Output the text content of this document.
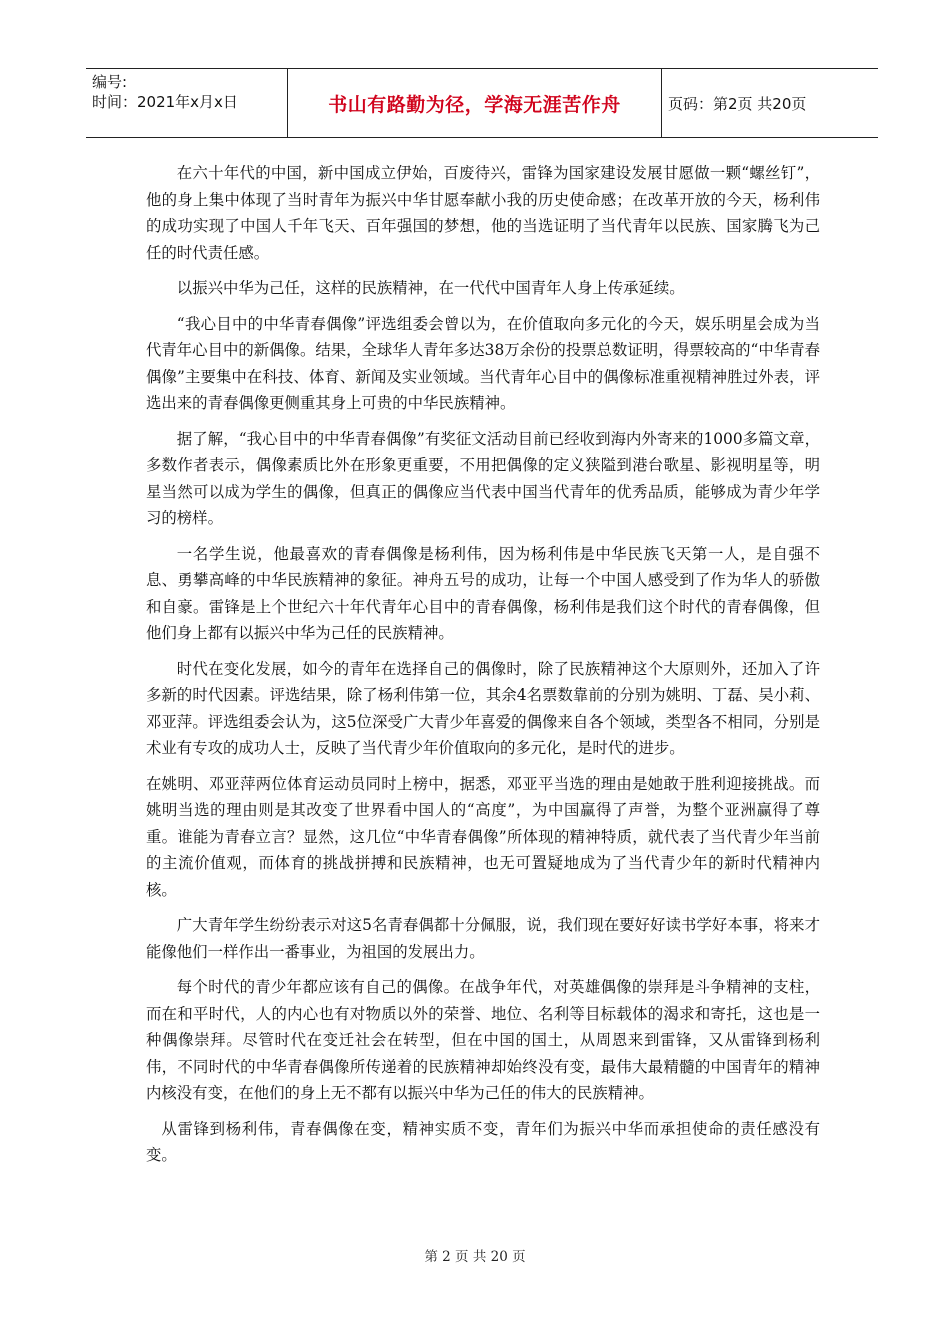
编号:
时间：2021年x月x日	书山有路勤为径，学海无涯苦作舟	页码：第2页 共20页

在六十年代的中国，新中国成立伊始，百废待兴，雷锋为国家建设发展甘愿做一颗“螺丝钉”，他的身上集中体现了当时青年为振兴中华甘愿奉献小我的历史使命感；在改革开放的今天，杨利伟的成功实现了中国人千年飞天、百年强国的梦想，他的当选证明了当代青年以民族、国家腾飞为己任的时代责任感。

以振兴中华为己任，这样的民族精神，在一代代中国青年人身上传承延续。

“我心目中的中华青春偶像”评选组委会曾以为，在价值取向多元化的今天，娱乐明星会成为当代青年心目中的新偶像。结果，全球华人青年多达38万余份的投票总数证明，得票较高的“中华青春偶像”主要集中在科技、体育、新闻及实业领域。当代青年心目中的偶像标准重视精神胜过外表，评选出来的青春偶像更侧重其身上可贵的中华民族精神。

据了解，“我心目中的中华青春偶像”有奖征文活动目前已经收到海内外寄来的1000多篇文章，多数作者表示，偶像素质比外在形象更重要，不用把偶像的定义狭隘到港台歌星、影视明星等，明星当然可以成为学生的偶像，但真正的偶像应当代表中国当代青年的优秀品质，能够成为青少年学习的榜样。

一名学生说，他最喜欢的青春偶像是杨利伟，因为杨利伟是中华民族飞天第一人，是自强不息、勇攀高峰的中华民族精神的象征。神舟五号的成功，让每一个中国人感受到了作为华人的骄傲和自豪。雷锋是上个世纪六十年代青年心目中的青春偶像，杨利伟是我们这个时代的青春偶像，但他们身上都有以振兴中华为己任的民族精神。

时代在变化发展，如今的青年在选择自己的偶像时，除了民族精神这个大原则外，还加入了许多新的时代因素。评选结果，除了杨利伟第一位，其余4名票数靠前的分别为姚明、丁磊、吴小莉、邓亚萍。评选组委会认为，这5位深受广大青少年喜爱的偶像来自各个领域，类型各不相同，分别是术业有专攻的成功人士，反映了当代青少年价值取向的多元化，是时代的进步。

在姚明、邓亚萍两位体育运动员同时上榜中，据悉，邓亚平当选的理由是她敢于胜利迎接挑战。而姚明当选的理由则是其改变了世界看中国人的“高度”，为中国赢得了声誉，为整个亚洲赢得了尊重。谁能为青春立言？显然，这几位“中华青春偶像”所体现的精神特质，就代表了当代青少年当前的主流价值观，而体育的挑战拼搏和民族精神，也无可置疑地成为了当代青少年的新时代精神内核。

广大青年学生纷纷表示对这5名青春偶都十分佩服，说，我们现在要好好读书学好本事，将来才能像他们一样作出一番事业，为祖国的发展出力。

每个时代的青少年都应该有自己的偶像。在战争年代，对英雄偶像的崇拜是斗争精神的支柱，而在和平时代，人的内心也有对物质以外的荣誉、地位、名利等目标载体的渴求和寄托，这也是一种偶像崇拜。尽管时代在变迁社会在转型，但在中国的国土，从周恩来到雷锋，又从雷锋到杨利伟，不同时代的中华青春偶像所传递着的民族精神却始终没有变，最伟大最精髓的中国青年的精神内核没有变，在他们的身上无不都有以振兴中华为己任的伟大的民族精神。

从雷锋到杨利伟，青春偶像在变，精神实质不变，青年们为振兴中华而承担使命的责任感没有变。

第 2 页 共 20 页
